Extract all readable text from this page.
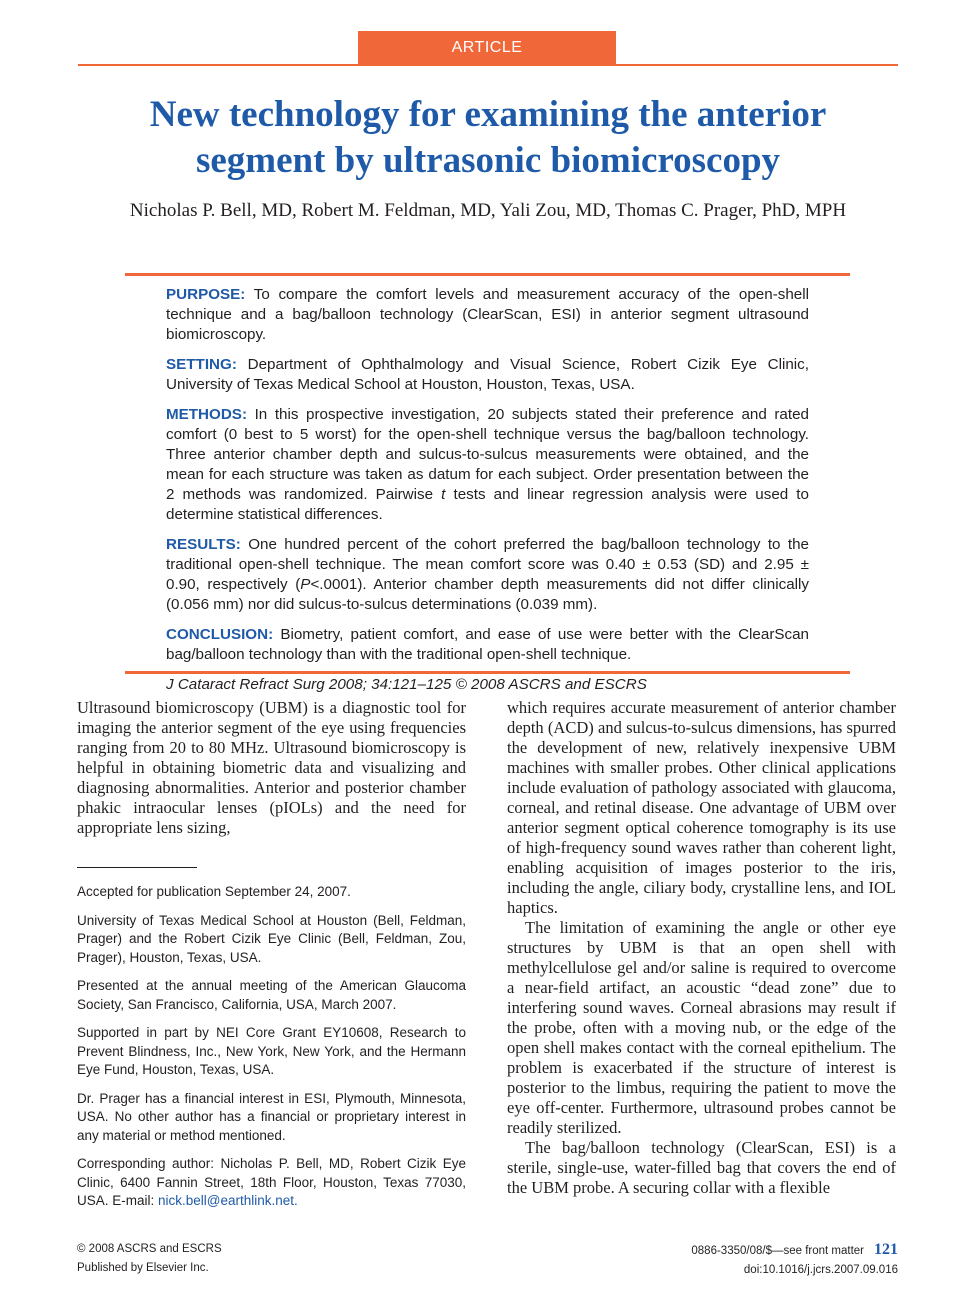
ARTICLE
New technology for examining the anterior
segment by ultrasonic biomicroscopy
Nicholas P. Bell, MD, Robert M. Feldman, MD, Yali Zou, MD, Thomas C. Prager, PhD, MPH

PURPOSE: To compare the comfort levels and measurement accuracy of the open-shell technique and a bag/balloon technology (ClearScan, ESI) in anterior segment ultrasound biomicroscopy.

SETTING: Department of Ophthalmology and Visual Science, Robert Cizik Eye Clinic, University of Texas Medical School at Houston, Houston, Texas, USA.

METHODS: In this prospective investigation, 20 subjects stated their preference and rated comfort (0 best to 5 worst) for the open-shell technique versus the bag/balloon technology. Three anterior chamber depth and sulcus-to-sulcus measurements were obtained, and the mean for each structure was taken as datum for each subject. Order presentation between the 2 methods was randomized. Pairwise t tests and linear regression analysis were used to determine statistical differences.

RESULTS: One hundred percent of the cohort preferred the bag/balloon technology to the traditional open-shell technique. The mean comfort score was 0.40 ± 0.53 (SD) and 2.95 ± 0.90, respectively (P<.0001). Anterior chamber depth measurements did not differ clinically (0.056 mm) nor did sulcus-to-sulcus determinations (0.039 mm).

CONCLUSION: Biometry, patient comfort, and ease of use were better with the ClearScan bag/balloon technology than with the traditional open-shell technique.

J Cataract Refract Surg 2008; 34:121–125 © 2008 ASCRS and ESCRS

Ultrasound biomicroscopy (UBM) is a diagnostic tool for imaging the anterior segment of the eye using frequencies ranging from 20 to 80 MHz. Ultrasound biomicroscopy is helpful in obtaining biometric data and visualizing and diagnosing abnormalities. Anterior and posterior chamber phakic intraocular lenses (pIOLs) and the need for appropriate lens sizing,

Accepted for publication September 24, 2007.

University of Texas Medical School at Houston (Bell, Feldman, Prager) and the Robert Cizik Eye Clinic (Bell, Feldman, Zou, Prager), Houston, Texas, USA.

Presented at the annual meeting of the American Glaucoma Society, San Francisco, California, USA, March 2007.

Supported in part by NEI Core Grant EY10608, Research to Prevent Blindness, Inc., New York, New York, and the Hermann Eye Fund, Houston, Texas, USA.

Dr. Prager has a financial interest in ESI, Plymouth, Minnesota, USA. No other author has a financial or proprietary interest in any material or method mentioned.

Corresponding author: Nicholas P. Bell, MD, Robert Cizik Eye Clinic, 6400 Fannin Street, 18th Floor, Houston, Texas 77030, USA. E-mail: nick.bell@earthlink.net.

which requires accurate measurement of anterior chamber depth (ACD) and sulcus-to-sulcus dimensions, has spurred the development of new, relatively inexpensive UBM machines with smaller probes. Other clinical applications include evaluation of pathology associated with glaucoma, corneal, and retinal disease. One advantage of UBM over anterior segment optical coherence tomography is its use of high-frequency sound waves rather than coherent light, enabling acquisition of images posterior to the iris, including the angle, ciliary body, crystalline lens, and IOL haptics.

The limitation of examining the angle or other eye structures by UBM is that an open shell with methylcellulose gel and/or saline is required to overcome a near-field artifact, an acoustic “dead zone” due to interfering sound waves. Corneal abrasions may result if the probe, often with a moving nub, or the edge of the open shell makes contact with the corneal epithelium. The problem is exacerbated if the structure of interest is posterior to the limbus, requiring the patient to move the eye off-center. Furthermore, ultrasound probes cannot be readily sterilized.

The bag/balloon technology (ClearScan, ESI) is a sterile, single-use, water-filled bag that covers the end of the UBM probe. A securing collar with a flexible

© 2008 ASCRS and ESCRS
Published by Elsevier Inc.
0886-3350/08/$—see front matter 121
doi:10.1016/j.jcrs.2007.09.016
